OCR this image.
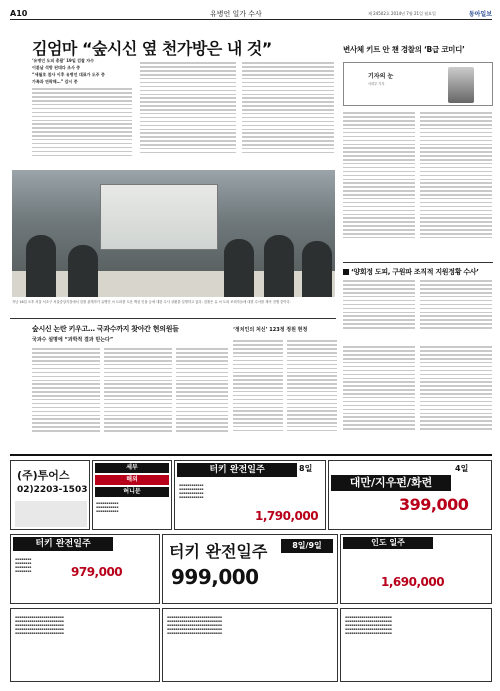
A10	유병언 일가 수사	제 24502호 2014년 7월 21일 월요일	동아일보
김엄마 “숲시신 옆 천가방은 내 것”
‘유병언 도피 총괄’ 19일 검찰 자수
이튿날 석방 된데다 조사 중
“세월호 참사 이후 유병언 대표가 도주 중
가족과 연락해…” 감시 중
지난 16일 오후 서울 서초구 서울중앙지검에서 검찰 관계자가 유병언 씨 도피를 도운 핵심 인물 등에 대한 수사 상황을 설명하고 있다. 검찰은 유 씨 도피 조력자들에 대한 수사를 계속 진행 중이다.
변사체 키트 안 챈 경찰의 ‘B급 코미디’
기자의 눈
사회부 기자
‘양회정 도피, 구원파 조직적 지원정황 수사’
숲시신 논란 키우고… 국과수까지 찾아간 현의원들
국과수 설명에 “과학적 결과 믿는다”
‘정치인의 처신’ 123정 정원 현정
(주)투어스
02)2203-1503
세부
해외
허니문
▪▪▪▪▪▪▪▪▪▪▪
▪▪▪▪▪▪▪▪▪▪▪
▪▪▪▪▪▪▪▪▪▪▪
터키 완전일주	8일
1,790,000
▪▪▪▪▪▪▪▪▪▪▪▪
▪▪▪▪▪▪▪▪▪▪▪▪
▪▪▪▪▪▪▪▪▪▪▪▪
▪▪▪▪▪▪▪▪▪▪▪▪
대만/지우펀/화련
4일
399,000
터키 완전일주
979,000
▪▪▪▪▪▪▪▪
▪▪▪▪▪▪▪▪
▪▪▪▪▪▪▪▪
▪▪▪▪▪▪▪▪
터키 완전일주	8일/9일
999,000
인도 일주
1,690,000
▪▪▪▪▪▪▪▪▪▪▪▪▪▪▪▪▪▪▪▪▪▪▪▪
▪▪▪▪▪▪▪▪▪▪▪▪▪▪▪▪▪▪▪▪▪▪▪▪
▪▪▪▪▪▪▪▪▪▪▪▪▪▪▪▪▪▪▪▪▪▪▪▪
▪▪▪▪▪▪▪▪▪▪▪▪▪▪▪▪▪▪▪▪▪▪▪▪
▪▪▪▪▪▪▪▪▪▪▪▪▪▪▪▪▪▪▪▪▪▪▪▪
▪▪▪▪▪▪▪▪▪▪▪▪▪▪▪▪▪▪▪▪▪▪▪▪▪▪▪
▪▪▪▪▪▪▪▪▪▪▪▪▪▪▪▪▪▪▪▪▪▪▪▪▪▪▪
▪▪▪▪▪▪▪▪▪▪▪▪▪▪▪▪▪▪▪▪▪▪▪▪▪▪▪
▪▪▪▪▪▪▪▪▪▪▪▪▪▪▪▪▪▪▪▪▪▪▪▪▪▪▪
▪▪▪▪▪▪▪▪▪▪▪▪▪▪▪▪▪▪▪▪▪▪▪▪▪▪▪
▪▪▪▪▪▪▪▪▪▪▪▪▪▪▪▪▪▪▪▪▪▪▪
▪▪▪▪▪▪▪▪▪▪▪▪▪▪▪▪▪▪▪▪▪▪▪
▪▪▪▪▪▪▪▪▪▪▪▪▪▪▪▪▪▪▪▪▪▪▪
▪▪▪▪▪▪▪▪▪▪▪▪▪▪▪▪▪▪▪▪▪▪▪
▪▪▪▪▪▪▪▪▪▪▪▪▪▪▪▪▪▪▪▪▪▪▪
